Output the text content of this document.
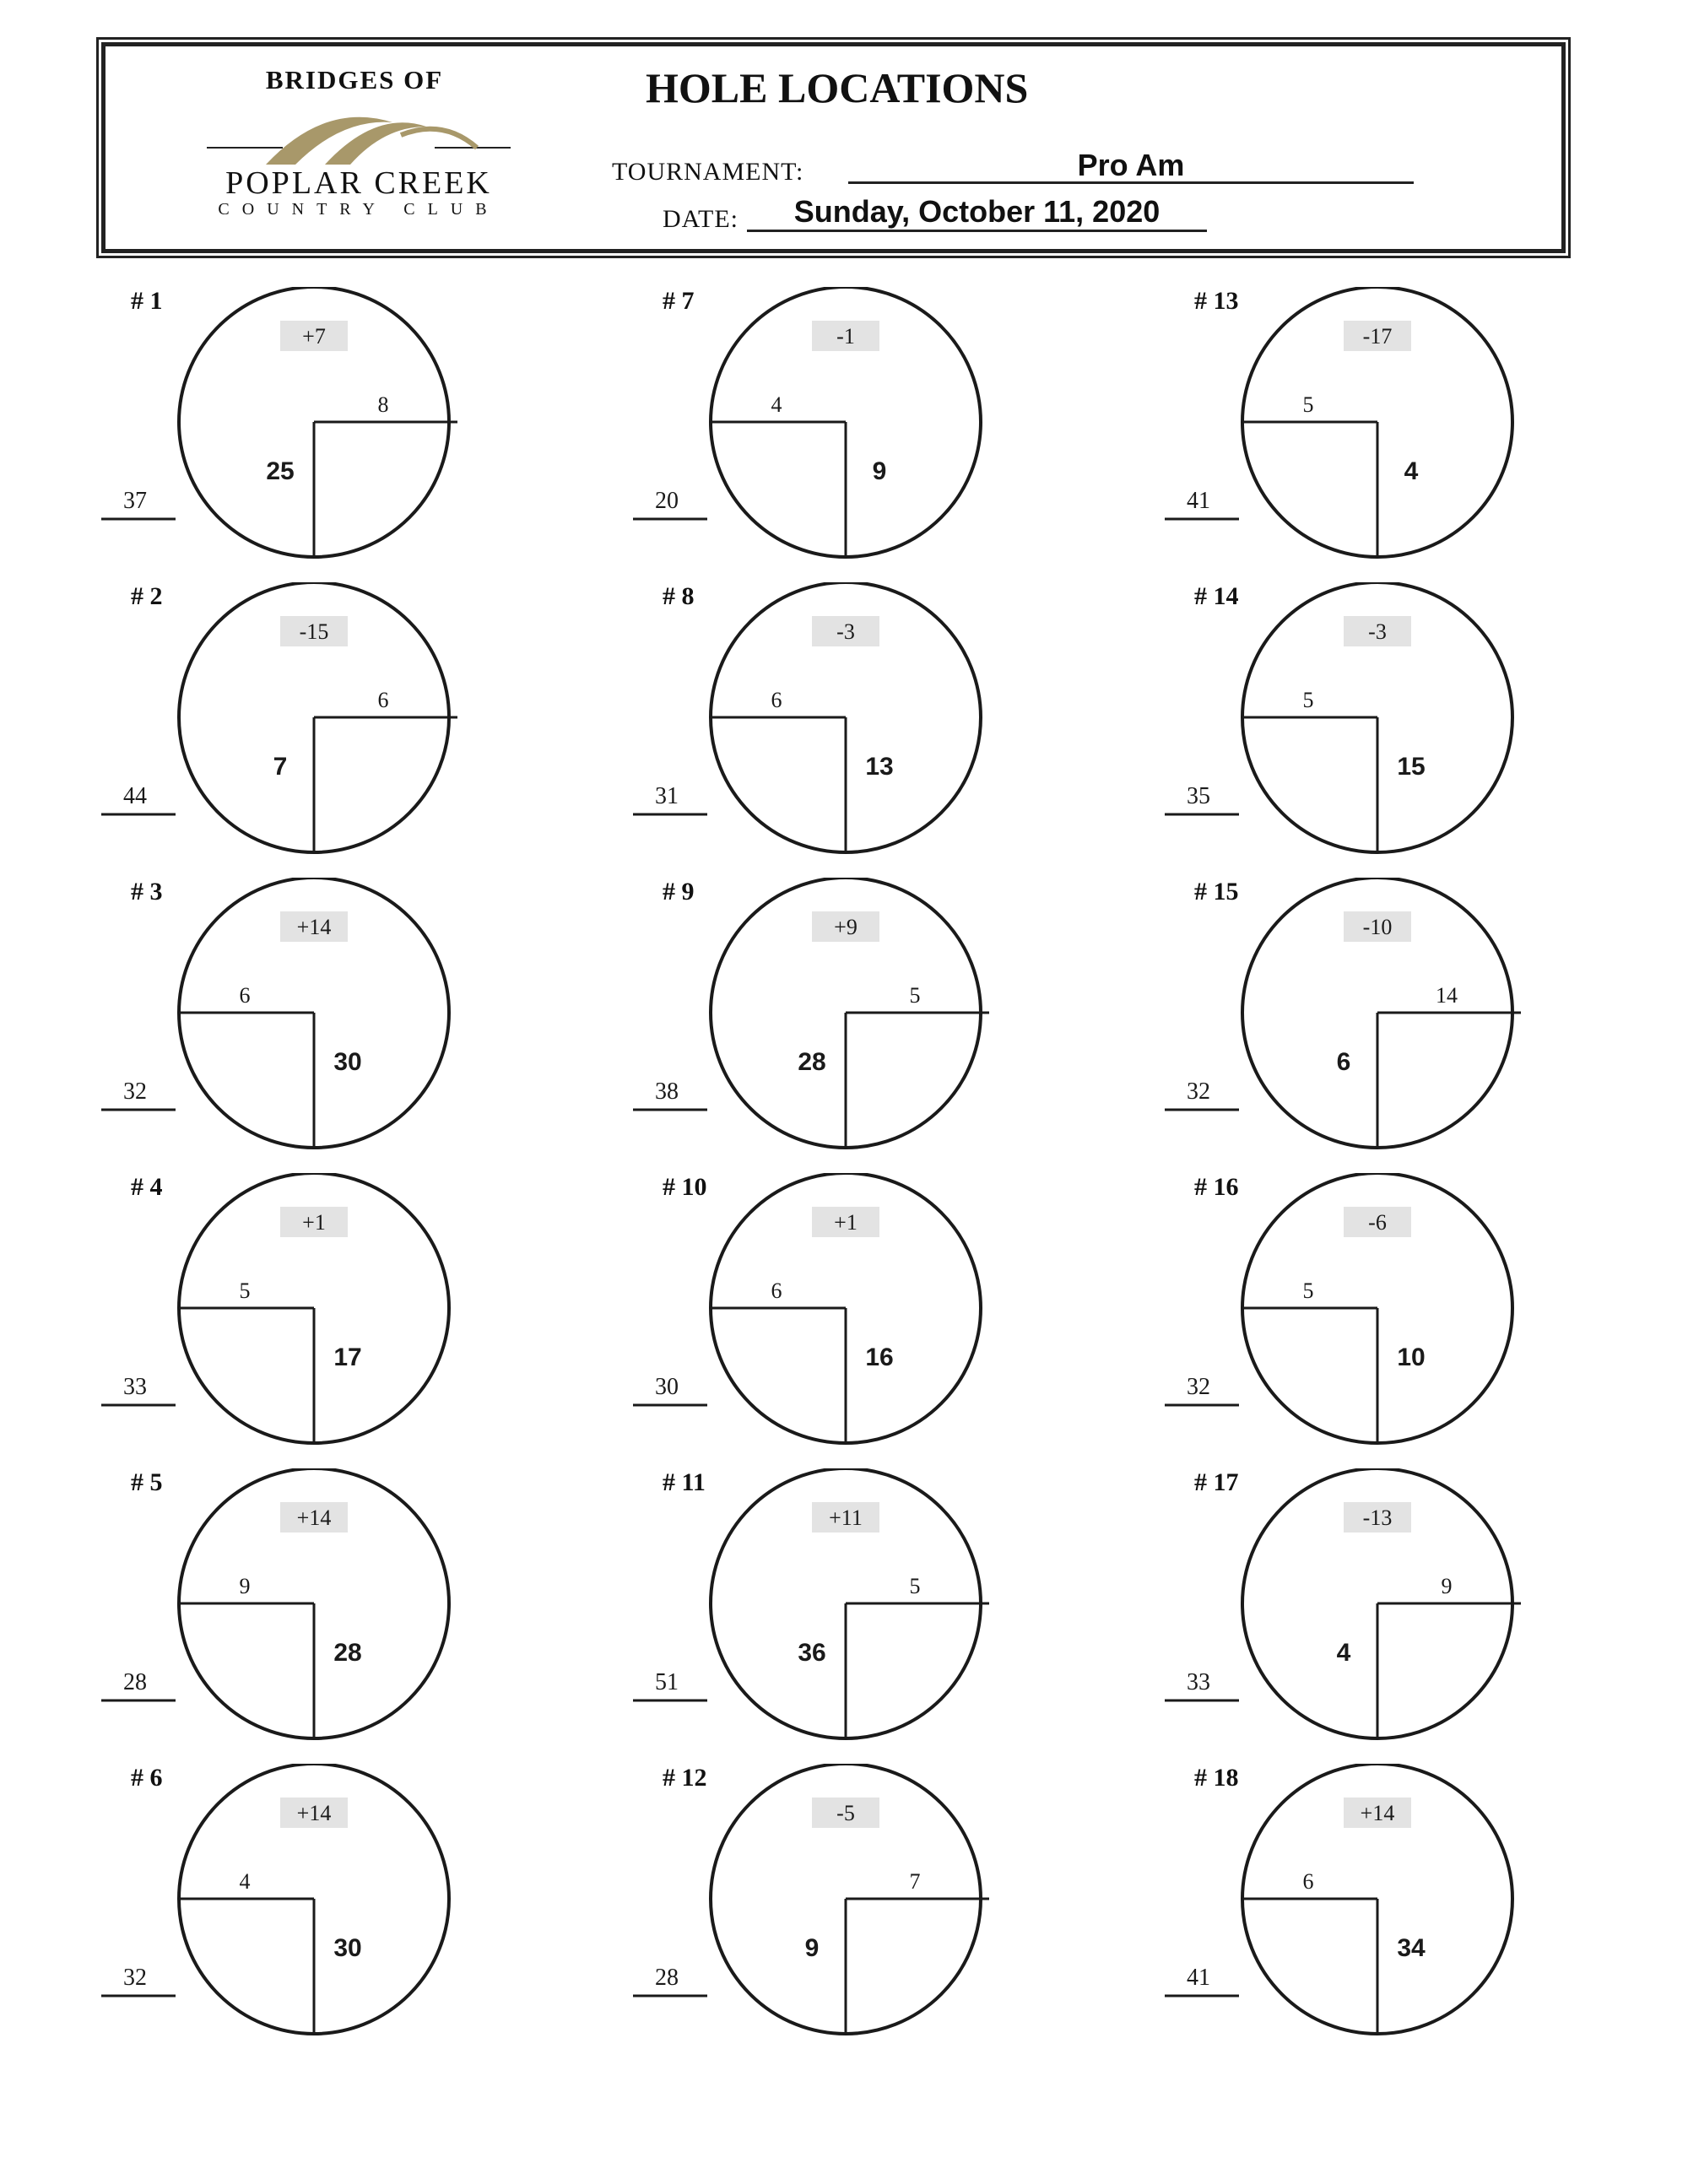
BRIDGES OF
POPLAR CREEK
COUNTRY CLUB
HOLE LOCATIONS
TOURNAMENT:	Pro Am
DATE:	Sunday, October 11, 2020
# 1
+7
8
25
37
# 2
-15
6
7
44
# 3
+14
6
30
32
# 4
+1
5
17
33
# 5
+14
9
28
28
# 6
+14
4
30
32
# 7
-1
4
9
20
# 8
-3
6
13
31
# 9
+9
5
28
38
# 10
+1
6
16
30
# 11
+11
5
36
51
# 12
-5
7
9
28
# 13
-17
5
4
41
# 14
-3
5
15
35
# 15
-10
14
6
32
# 16
-6
5
10
32
# 17
-13
9
4
33
# 18
+14
6
34
41
